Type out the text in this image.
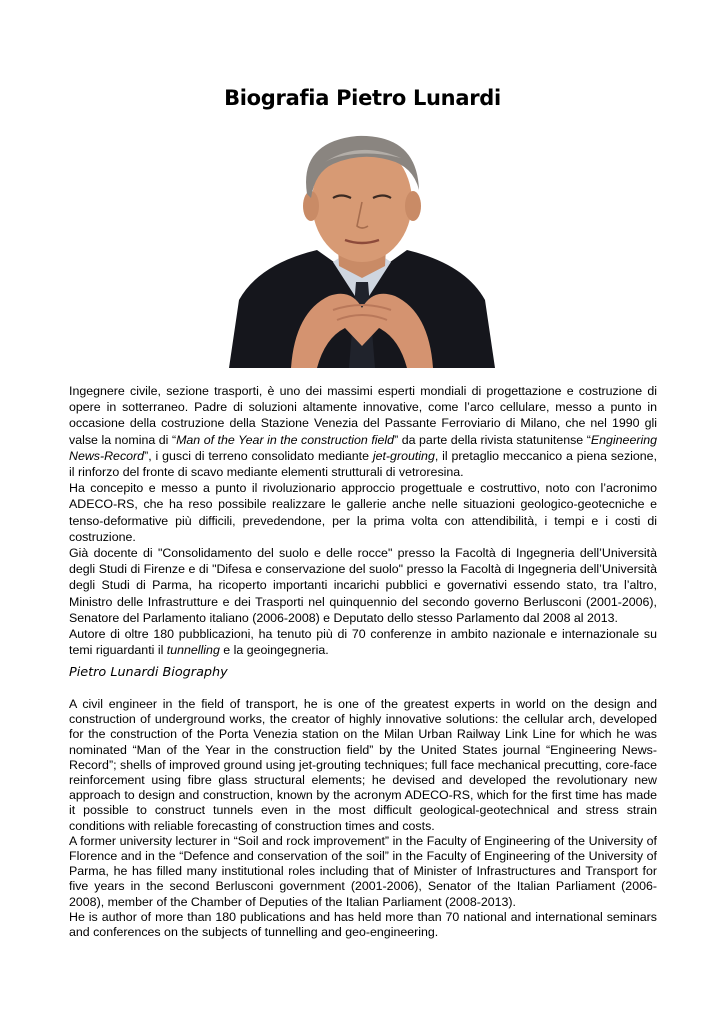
Biografia Pietro Lunardi

Ingegnere civile, sezione trasporti, è uno dei massimi esperti mondiali di progettazione e costruzione di opere in sotterraneo. Padre di soluzioni altamente innovative, come l’arco cellulare, messo a punto in occasione della costruzione della Stazione Venezia del Passante Ferroviario di Milano, che nel 1990 gli valse la nomina di “Man of the Year in the construction field” da parte della rivista statunitense “Engineering News-Record”, i gusci di terreno consolidato mediante jet-grouting, il pretaglio meccanico a piena sezione, il rinforzo del fronte di scavo mediante elementi strutturali di vetroresina.

Ha concepito e messo a punto il rivoluzionario approccio progettuale e costruttivo, noto con l’acronimo ADECO-RS, che ha reso possibile realizzare le gallerie anche nelle situazioni geologico-geotecniche e tenso-deformative più difficili, prevedendone, per la prima volta con attendibilità, i tempi e i costi di costruzione.

Già docente di "Consolidamento del suolo e delle rocce" presso la Facoltà di Ingegneria dell’Università degli Studi di Firenze e di "Difesa e conservazione del suolo" presso la Facoltà di Ingegneria dell’Università degli Studi di Parma, ha ricoperto importanti incarichi pubblici e governativi essendo stato, tra l’altro, Ministro delle Infrastrutture e dei Trasporti nel quinquennio del secondo governo Berlusconi (2001-2006), Senatore del Parlamento italiano (2006-2008) e Deputato dello stesso Parlamento dal 2008 al 2013.

Autore di oltre 180 pubblicazioni, ha tenuto più di 70 conferenze in ambito nazionale e internazionale su temi riguardanti il tunnelling e la geoingegneria.

Pietro Lunardi Biography

A civil engineer in the field of transport, he is one of the greatest experts in world on the design and construction of underground works, the creator of highly innovative solutions: the cellular arch, developed for the construction of the Porta Venezia station on the Milan Urban Railway Link Line for which he was nominated “Man of the Year in the construction field” by the United States journal “Engineering News-Record”; shells of improved ground using jet-grouting techniques; full face mechanical precutting, core-face reinforcement using fibre glass structural elements; he devised and developed the revolutionary new approach to design and construction, known by the acronym ADECO-RS, which for the first time has made it possible to construct tunnels even in the most difficult geological-geotechnical and stress strain conditions with reliable forecasting of construction times and costs.

A former university lecturer in “Soil and rock improvement” in the Faculty of Engineering of the University of Florence and in the “Defence and conservation of the soil” in the Faculty of Engineering of the University of Parma, he has filled many institutional roles including that of Minister of Infrastructures and Transport for five years in the second Berlusconi government (2001-2006), Senator of the Italian Parliament (2006-2008), member of the Chamber of Deputies of the Italian Parliament (2008-2013).

He is author of more than 180 publications and has held more than 70 national and international seminars and conferences on the subjects of tunnelling and geo-engineering.
